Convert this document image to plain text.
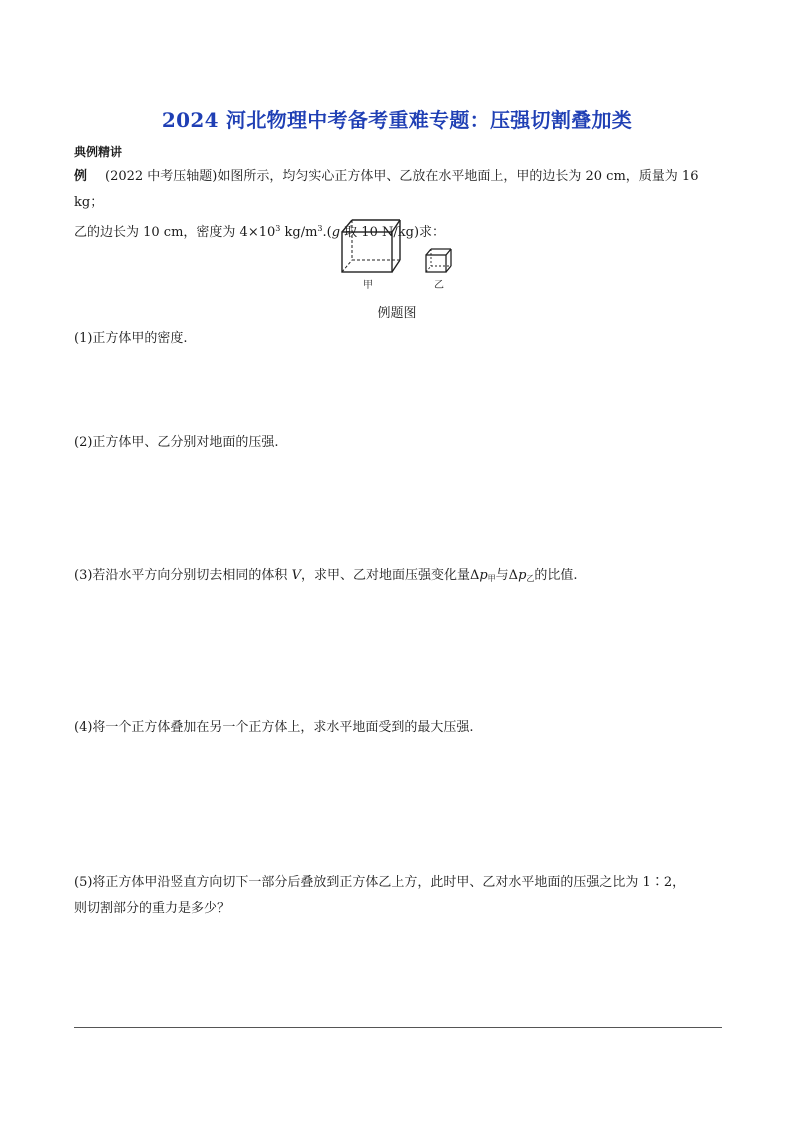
2024 河北物理中考备考重难专题：压强切割叠加类
典例精讲
例 (2022 中考压轴题)如图所示，均匀实心正方体甲、乙放在水平地面上，甲的边长为 20 cm，质量为 16 kg；
乙的边长为 10 cm，密度为 $4\times 10^3$ $kg/m^3.(g$ 取 10 N/kg)求：
甲	乙
例题图
(1)正方体甲的密度.
(2)正方体甲、乙分别对地面的压强.
(3)若沿水平方向分别切去相同的体积 V，求甲、乙对地面压强变化量$\Delta p_甲$与$\Delta p_乙$的比值.
(4)将一个正方体叠加在另一个正方体上，求水平地面受到的最大压强.
(5)将正方体甲沿竖直方向切下一部分后叠放到正方体乙上方，此时甲、乙对水平地面的压强之比为 1∶2，
则切割部分的重力是多少？
